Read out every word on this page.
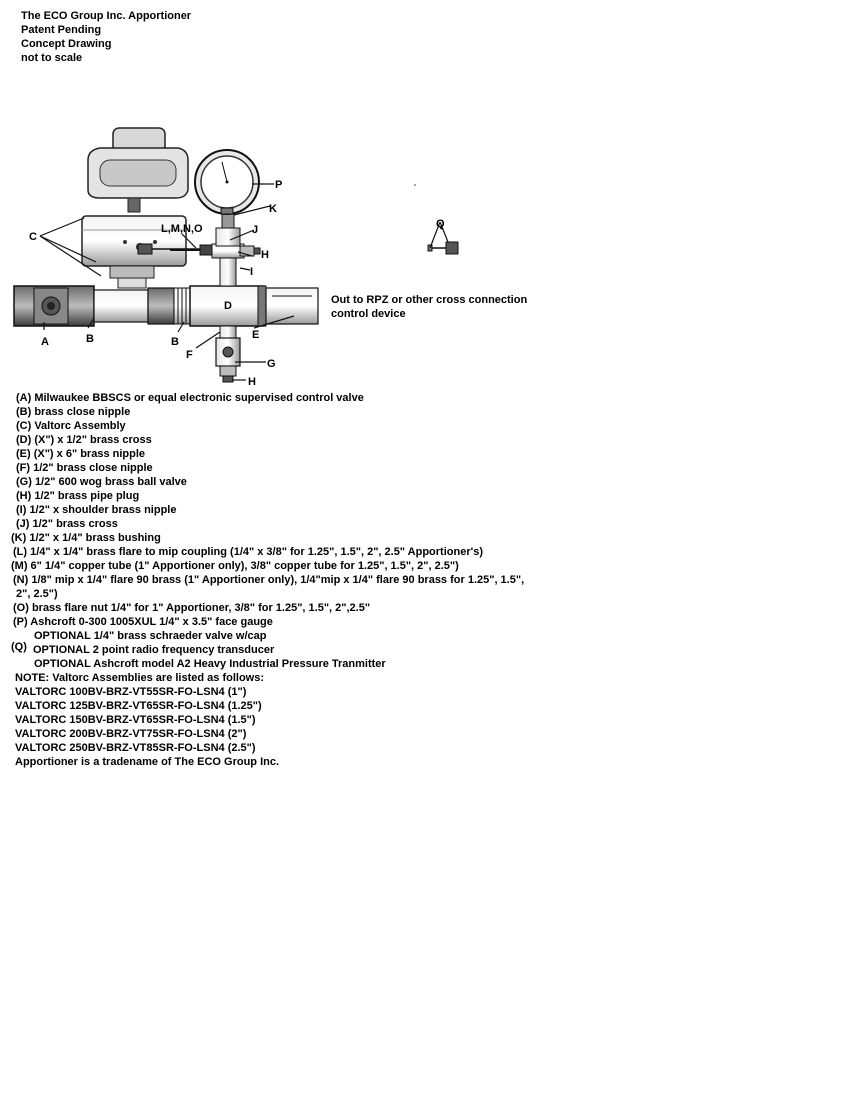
The ECO Group Inc. Apportioner
Patent Pending
Concept Drawing
not to scale
A	B	B
C
D
E
F
G
H
H
I
J
K
L,M,N,O
P
Q
Out to RPZ or other cross connection
control device
(A) Milwaukee BBSCS or equal electronic supervised control valve
(B) brass close nipple
(C) Valtorc Assembly
(D) (X") x 1/2" brass cross
(E) (X") x 6" brass nipple
(F) 1/2" brass close nipple
(G) 1/2" 600 wog brass ball valve
(H) 1/2" brass pipe plug
(I) 1/2" x shoulder brass nipple
(J) 1/2" brass cross
(K) 1/2" x 1/4" brass bushing
(L) 1/4" x 1/4" brass flare to mip coupling (1/4" x 3/8" for 1.25", 1.5", 2", 2.5" Apportioner's)
(M) 6" 1/4" copper tube (1" Apportioner only), 3/8" copper tube for 1.25", 1.5", 2", 2.5")
(N) 1/8" mip x 1/4" flare 90 brass (1" Apportioner only), 1/4"mip x 1/4" flare 90 brass for 1.25", 1.5",
2", 2.5")
(O) brass flare nut 1/4" for 1" Apportioner, 3/8" for 1.25", 1.5", 2",2.5"
(P) Ashcroft 0-300 1005XUL 1/4" x 3.5" face gauge
OPTIONAL 1/4" brass schraeder valve w/cap
(Q) OPTIONAL 2 point radio frequency transducer
OPTIONAL Ashcroft model A2 Heavy Industrial Pressure Tranmitter
NOTE: Valtorc Assemblies are listed as follows:
VALTORC 100BV-BRZ-VT55SR-FO-LSN4 (1")
VALTORC 125BV-BRZ-VT65SR-FO-LSN4 (1.25")
VALTORC 150BV-BRZ-VT65SR-FO-LSN4 (1.5")
VALTORC 200BV-BRZ-VT75SR-FO-LSN4 (2")
VALTORC 250BV-BRZ-VT85SR-FO-LSN4 (2.5")
Apportioner is a tradename of The ECO Group Inc.
